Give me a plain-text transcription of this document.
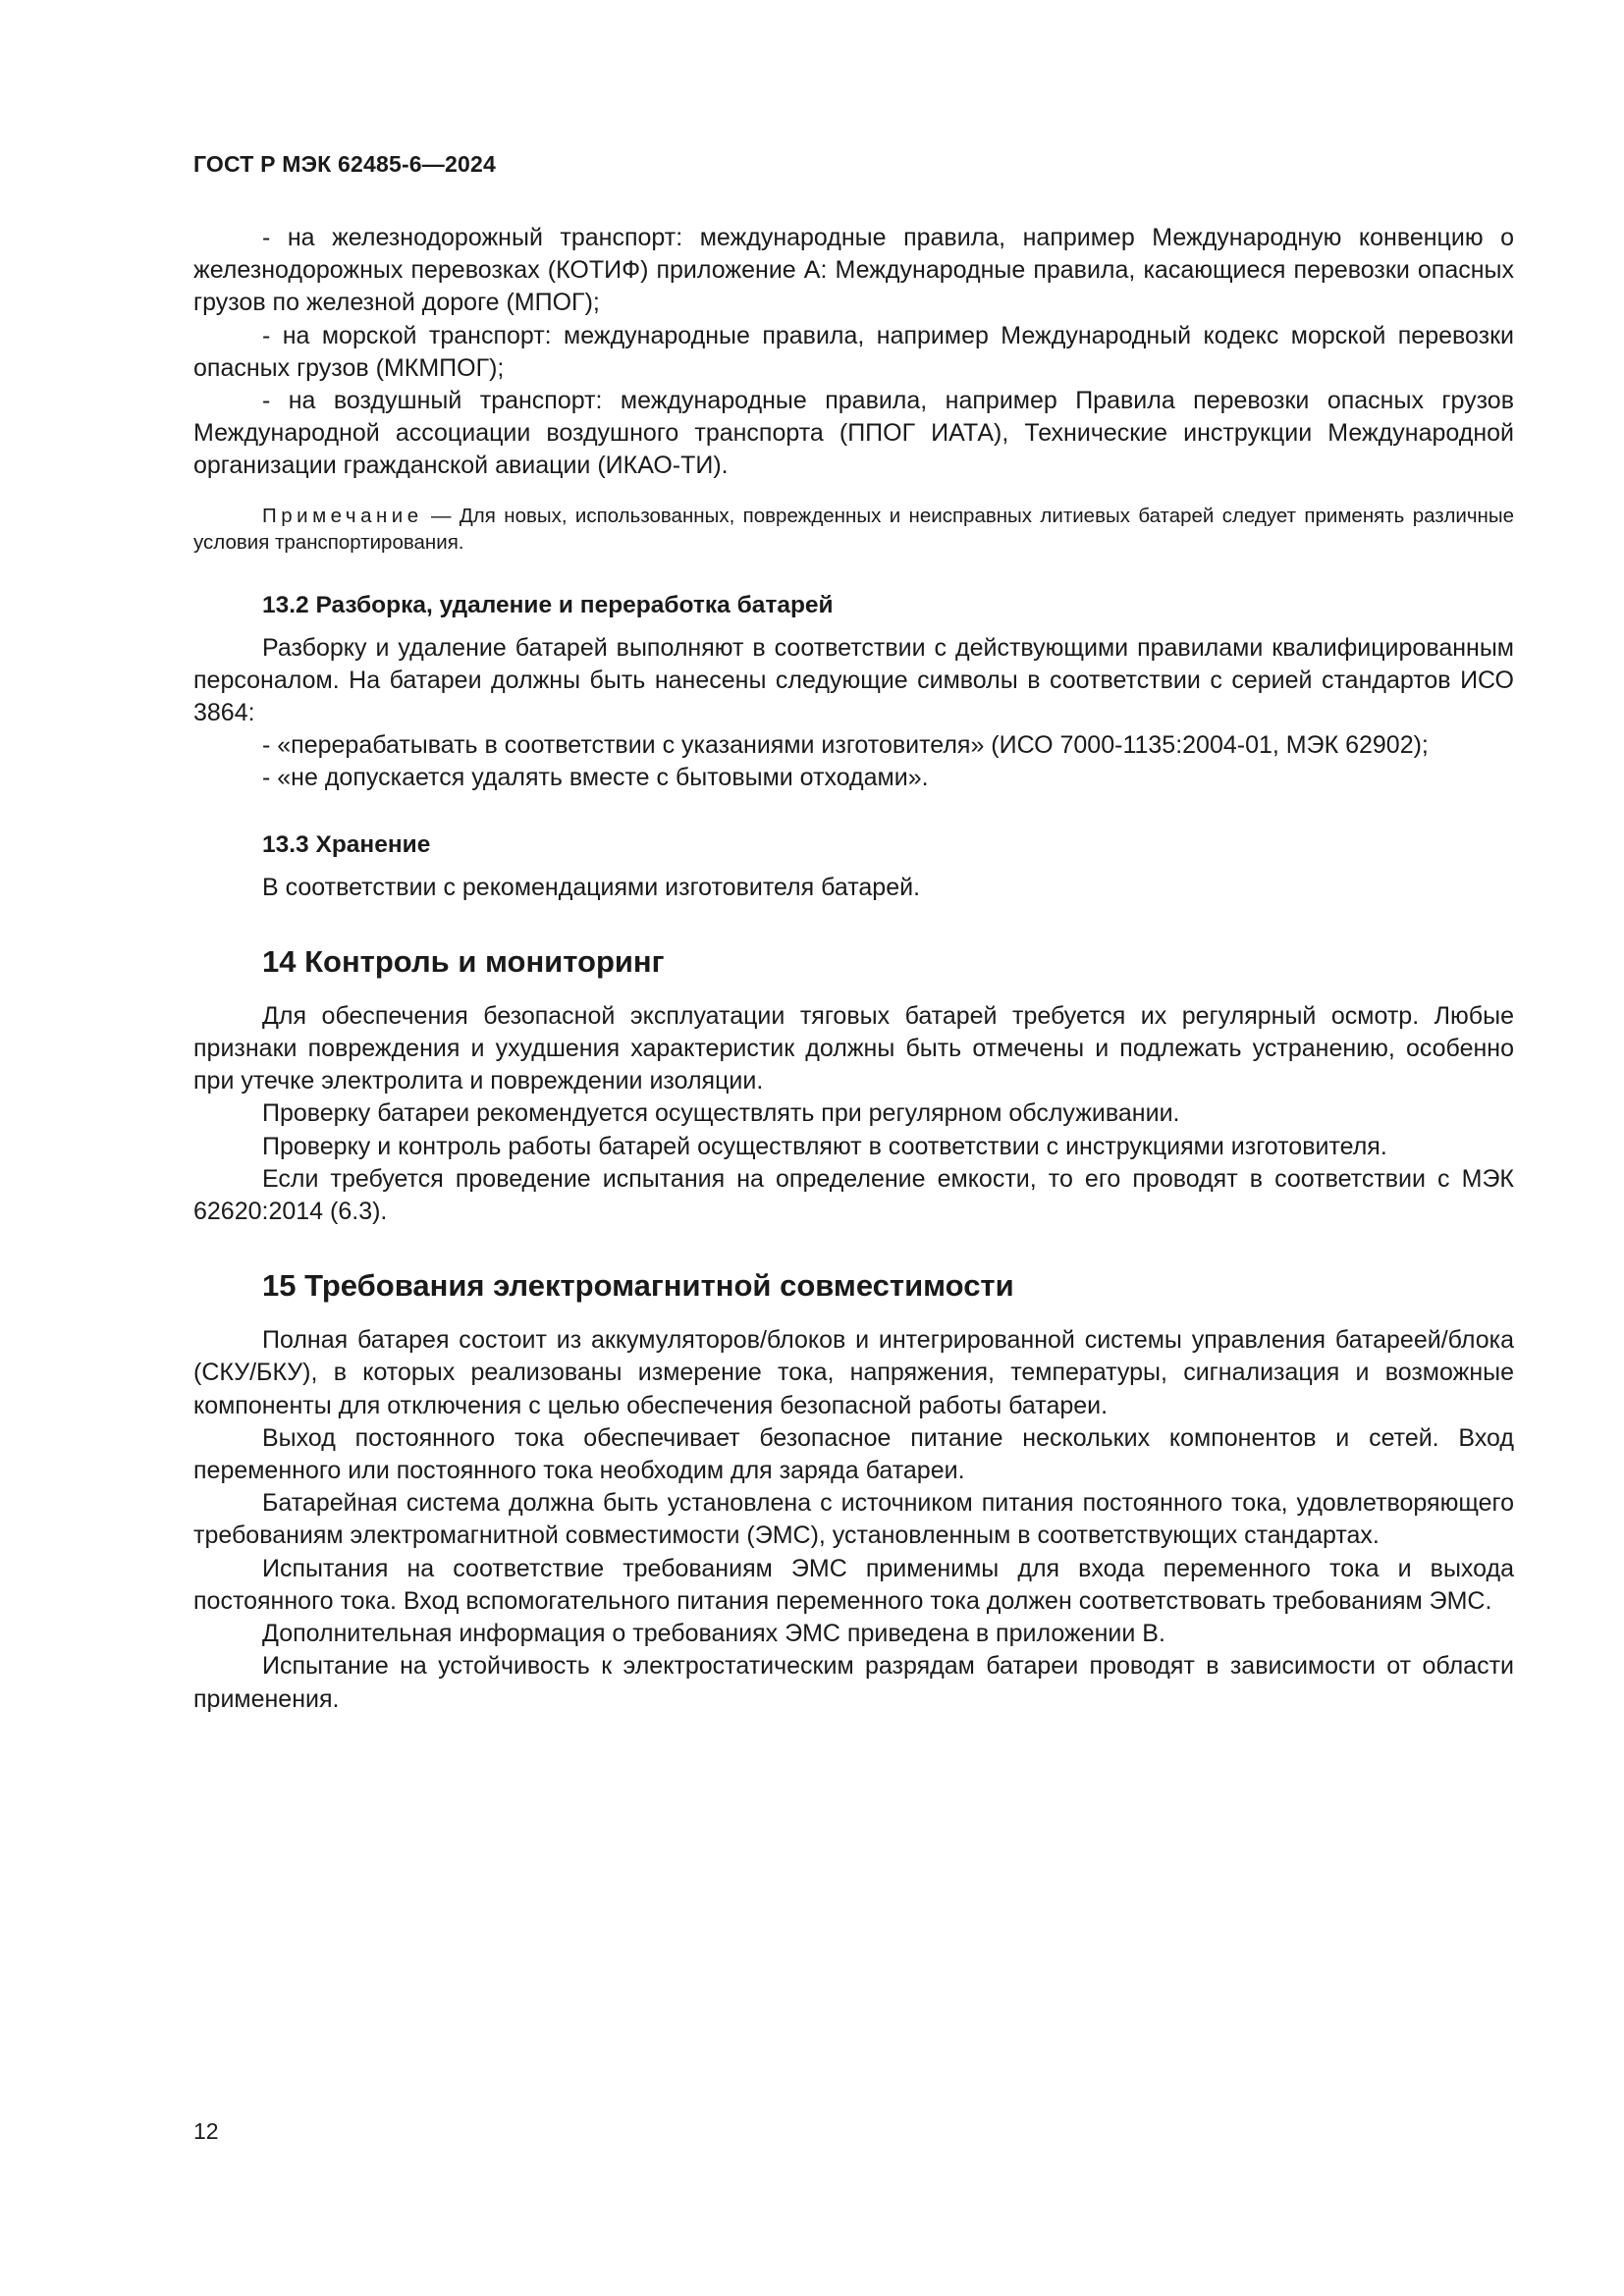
ГОСТ Р МЭК 62485-6—2024

- на железнодорожный транспорт: международные правила, например Международную конвенцию о железнодорожных перевозках (КОТИФ) приложение А: Международные правила, касающиеся перевозки опасных грузов по железной дороге (МПОГ);

- на морской транспорт: международные правила, например Международный кодекс морской перевозки опасных грузов (МКМПОГ);

- на воздушный транспорт: международные правила, например Правила перевозки опасных грузов Международной ассоциации воздушного транспорта (ППОГ ИАТА), Технические инструкции Международной организации гражданской авиации (ИКАО-ТИ).

Примечание — Для новых, использованных, поврежденных и неисправных литиевых батарей следует применять различные условия транспортирования.
13.2 Разборка, удаление и переработка батарей

Разборку и удаление батарей выполняют в соответствии с действующими правилами квалифицированным персоналом. На батареи должны быть нанесены следующие символы в соответствии с серией стандартов ИСО 3864:

- «перерабатывать в соответствии с указаниями изготовителя» (ИСО 7000-1135:2004-01, МЭК 62902);

- «не допускается удалять вместе с бытовыми отходами».

13.3 Хранение

В соответствии с рекомендациями изготовителя батарей.

14 Контроль и мониторинг

Для обеспечения безопасной эксплуатации тяговых батарей требуется их регулярный осмотр. Любые признаки повреждения и ухудшения характеристик должны быть отмечены и подлежать устранению, особенно при утечке электролита и повреждении изоляции.

Проверку батареи рекомендуется осуществлять при регулярном обслуживании.

Проверку и контроль работы батарей осуществляют в соответствии с инструкциями изготовителя.

Если требуется проведение испытания на определение емкости, то его проводят в соответствии с МЭК 62620:2014 (6.3).

15 Требования электромагнитной совместимости

Полная батарея состоит из аккумуляторов/блоков и интегрированной системы управления батареей/блока (СКУ/БКУ), в которых реализованы измерение тока, напряжения, температуры, сигнализация и возможные компоненты для отключения с целью обеспечения безопасной работы батареи.

Выход постоянного тока обеспечивает безопасное питание нескольких компонентов и сетей. Вход переменного или постоянного тока необходим для заряда батареи.

Батарейная система должна быть установлена с источником питания постоянного тока, удовлетворяющего требованиям электромагнитной совместимости (ЭМС), установленным в соответствующих стандартах.

Испытания на соответствие требованиям ЭМС применимы для входа переменного тока и выхода постоянного тока. Вход вспомогательного питания переменного тока должен соответствовать требованиям ЭМС.

Дополнительная информация о требованиях ЭМС приведена в приложении В.

Испытание на устойчивость к электростатическим разрядам батареи проводят в зависимости от области применения.

12
